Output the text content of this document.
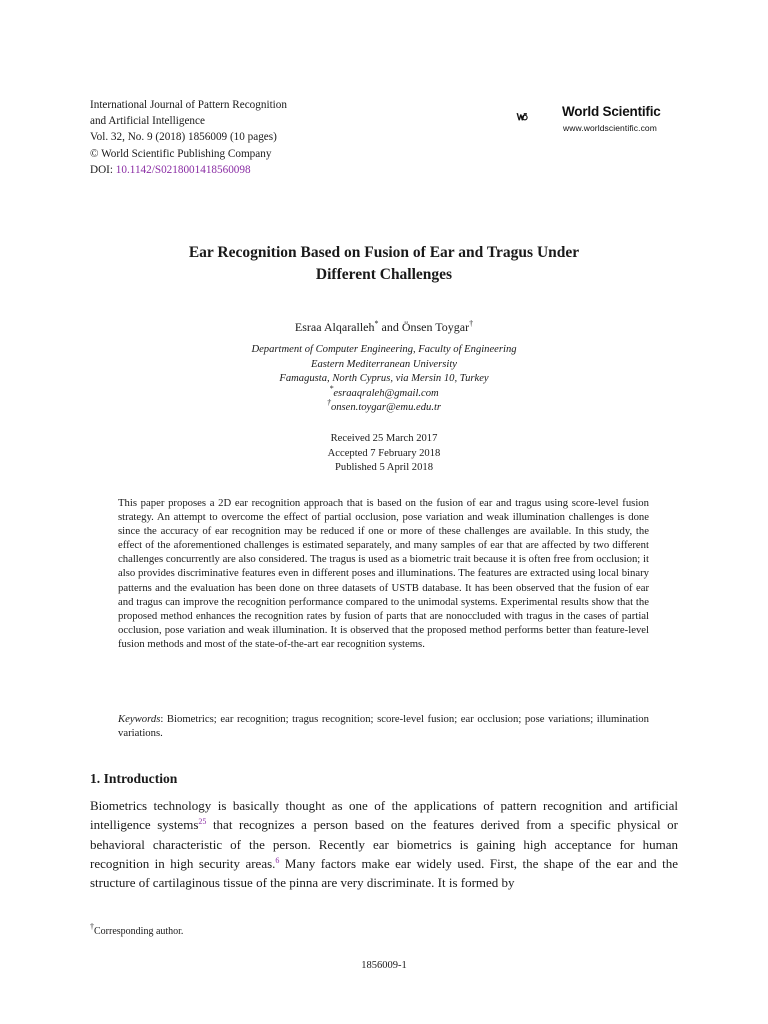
International Journal of Pattern Recognition
and Artificial Intelligence
Vol. 32, No. 9 (2018) 1856009 (10 pages)
© World Scientific Publishing Company
DOI: 10.1142/S0218001418560098
World Scientific
www.worldscientific.com
Ear Recognition Based on Fusion of Ear and Tragus Under
Different Challenges
Esraa Alqaralleh* and Önsen Toygar†
Department of Computer Engineering, Faculty of Engineering
Eastern Mediterranean University
Famagusta, North Cyprus, via Mersin 10, Turkey
*esraaqraleh@gmail.com
†onsen.toygar@emu.edu.tr
Received 25 March 2017
Accepted 7 February 2018
Published 5 April 2018
This paper proposes a 2D ear recognition approach that is based on the fusion of ear and tragus using score-level fusion strategy. An attempt to overcome the effect of partial occlusion, pose variation and weak illumination challenges is done since the accuracy of ear recognition may be reduced if one or more of these challenges are available. In this study, the effect of the aforementioned challenges is estimated separately, and many samples of ear that are affected by two different challenges concurrently are also considered. The tragus is used as a biometric trait because it is often free from occlusion; it also provides discriminative features even in different poses and illuminations. The features are extracted using local binary patterns and the evaluation has been done on three datasets of USTB database. It has been observed that the fusion of ear and tragus can improve the recognition performance compared to the unimodal systems. Experimental results show that the proposed method enhances the recognition rates by fusion of parts that are nonoccluded with tragus in the cases of partial occlusion, pose variation and weak illumination. It is observed that the proposed method performs better than feature-level fusion methods and most of the state-of-the-art ear recognition systems.
Keywords: Biometrics; ear recognition; tragus recognition; score-level fusion; ear occlusion; pose variations; illumination variations.
1. Introduction
Biometrics technology is basically thought as one of the applications of pattern recognition and artificial intelligence systems$^{25}$ that recognizes a person based on the features derived from a specific physical or behavioral characteristic of the person. Recently ear biometrics is gaining high acceptance for human recognition in high security areas.$^6$ Many factors make ear widely used. First, the shape of the ear and the structure of cartilaginous tissue of the pinna are very discriminate. It is formed by
†Corresponding author.
1856009-1
